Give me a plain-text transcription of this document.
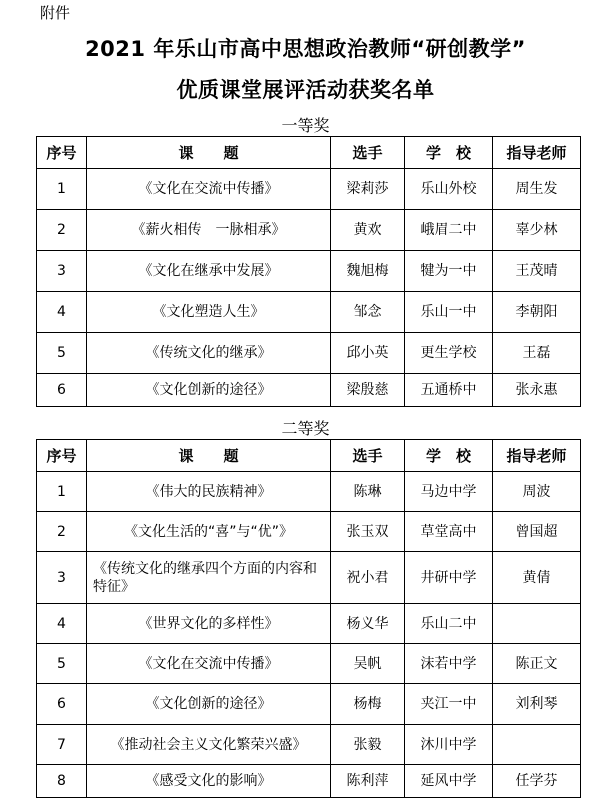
附件
2021 年乐山市高中思想政治教师“研创教学”
优质课堂展评活动获奖名单
一等奖
序号	课　　题	选手	学　校	指导老师
1	《文化在交流中传播》	梁莉莎	乐山外校	周生发
2	《薪火相传　一脉相承》	黄欢	峨眉二中	辜少林
3	《文化在继承中发展》	魏旭梅	犍为一中	王茂晴
4	《文化塑造人生》	邹念	乐山一中	李朝阳
5	《传统文化的继承》	邱小英	更生学校	王磊
6	《文化创新的途径》	梁殷慈	五通桥中	张永惠
二等奖
序号	课　　题	选手	学　校	指导老师
1	《伟大的民族精神》	陈琳	马边中学	周波
2	《文化生活的“喜”与“优”》	张玉双	草堂高中	曾国超
3	《传统文化的继承四个方面的内容和特征》	祝小君	井研中学	黄倩
4	《世界文化的多样性》	杨义华	乐山二中	
5	《文化在交流中传播》	吴帆	沫若中学	陈正文
6	《文化创新的途径》	杨梅	夹江一中	刘利琴
7	《推动社会主义文化繁荣兴盛》	张毅	沐川中学	
8	《感受文化的影响》	陈利萍	延风中学	任学芬
